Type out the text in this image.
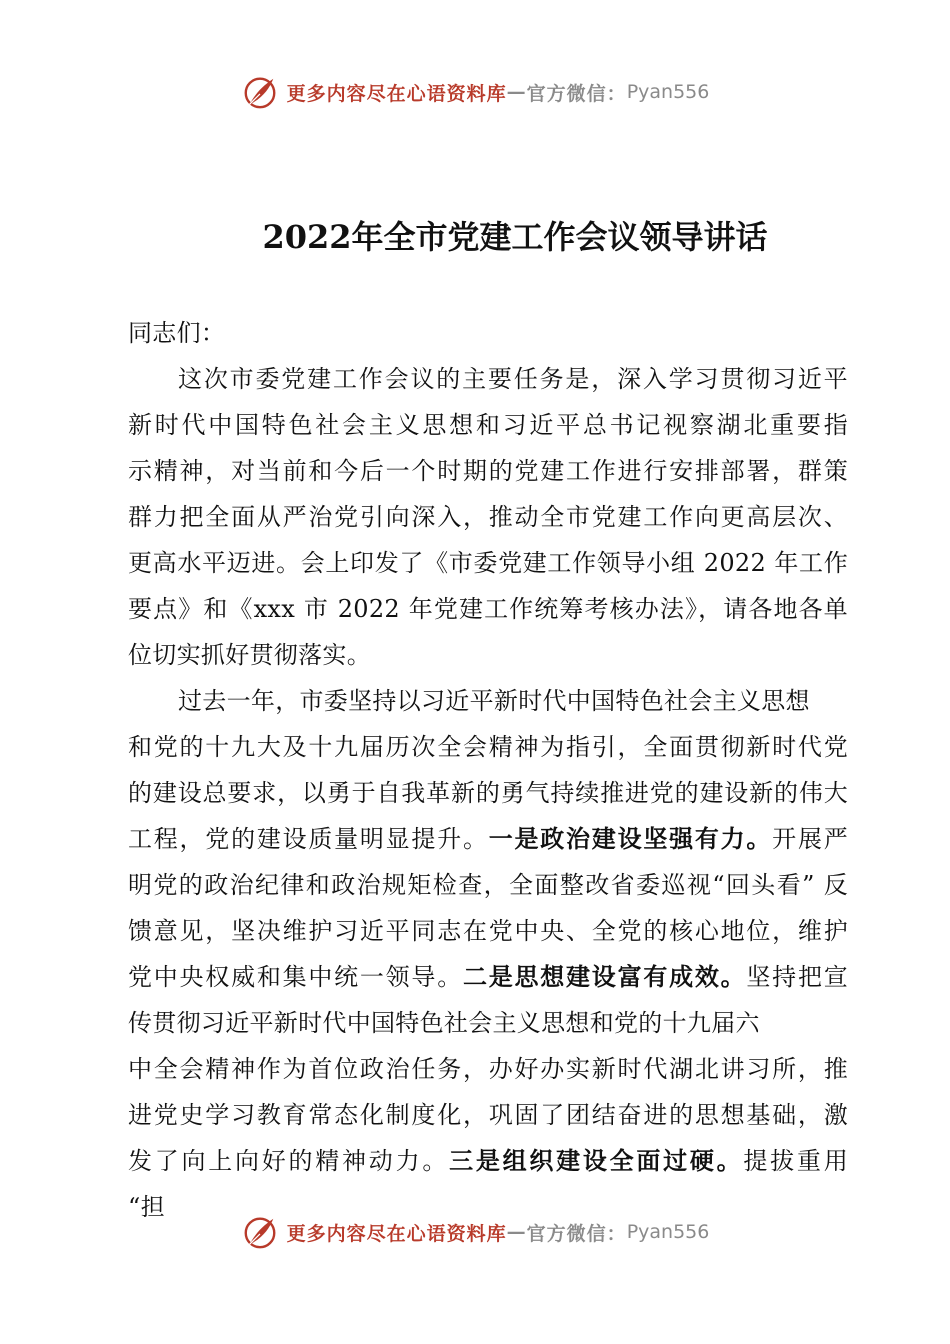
更多内容尽在心语资料库 — 官方微信： Pyan556
2022年全市党建工作会议领导讲话
同志们：
这次市委党建工作会议的主要任务是，深入学习贯彻习近平
新时代中国特色社会主义思想和习近平总书记视察湖北重要指
示精神，对当前和今后一个时期的党建工作进行安排部署，群策
群力把全面从严治党引向深入，推动全市党建工作向更高层次、
更高水平迈进。会上印发了《市委党建工作领导小组 2022 年工作
要点》和《xxx 市 2022 年党建工作统筹考核办法》，请各地各单
位切实抓好贯彻落实。
过去一年，市委坚持以习近平新时代中国特色社会主义思想
和党的十九大及十九届历次全会精神为指引，全面贯彻新时代党
的建设总要求，以勇于自我革新的勇气持续推进党的建设新的伟大
工程，党的建设质量明显提升。一是政治建设坚强有力。开展严
明党的政治纪律和政治规矩检查，全面整改省委巡视“回头看” 反
馈意见，坚决维护习近平同志在党中央、全党的核心地位，维护
党中央权威和集中统一领导。二是思想建设富有成效。坚持把宣
传贯彻习近平新时代中国特色社会主义思想和党的十九届六
中全会精神作为首位政治任务，办好办实新时代湖北讲习所，推
进党史学习教育常态化制度化，巩固了团结奋进的思想基础，激
发了向上向好的精神动力。三是组织建设全面过硬。提拔重用
“担
更多内容尽在心语资料库 — 官方微信： Pyan556
